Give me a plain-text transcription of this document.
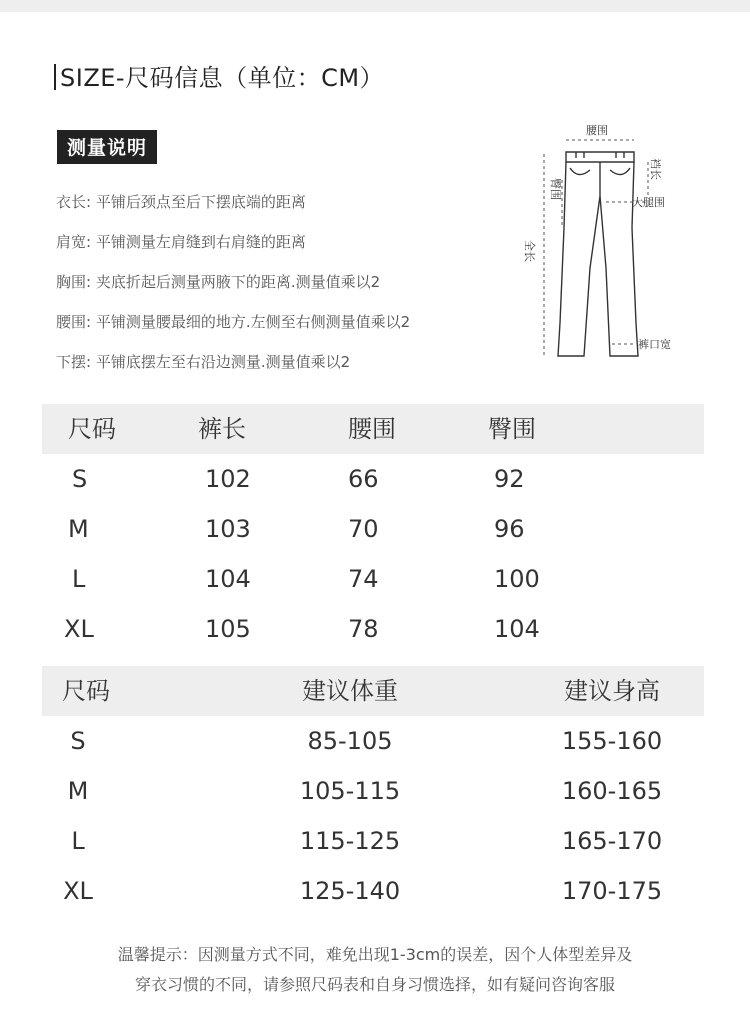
SIZE-尺码信息（单位：CM）
测量说明
衣长: 平铺后颈点至后下摆底端的距离
肩宽: 平铺测量左肩缝到右肩缝的距离
胸围: 夹底折起后测量两腋下的距离.测量值乘以2
腰围: 平铺测量腰最细的地方.左侧至右侧测量值乘以2
下摆: 平铺底摆左至右沿边测量.测量值乘以2
腰围
臀围
裆长
大腿围
全长
裤口宽
尺码	裤长	腰围	臀围
S	102	66	92
M	103	70	96
L	104	74	100
XL	105	78	104
尺码	建议体重	建议身高
S	85-105	155-160
M	105-115	160-165
L	115-125	165-170
XL	125-140	170-175
温馨提示：因测量方式不同，难免出现1-3cm的误差，因个人体型差异及
穿衣习惯的不同，请参照尺码表和自身习惯选择，如有疑问咨询客服
